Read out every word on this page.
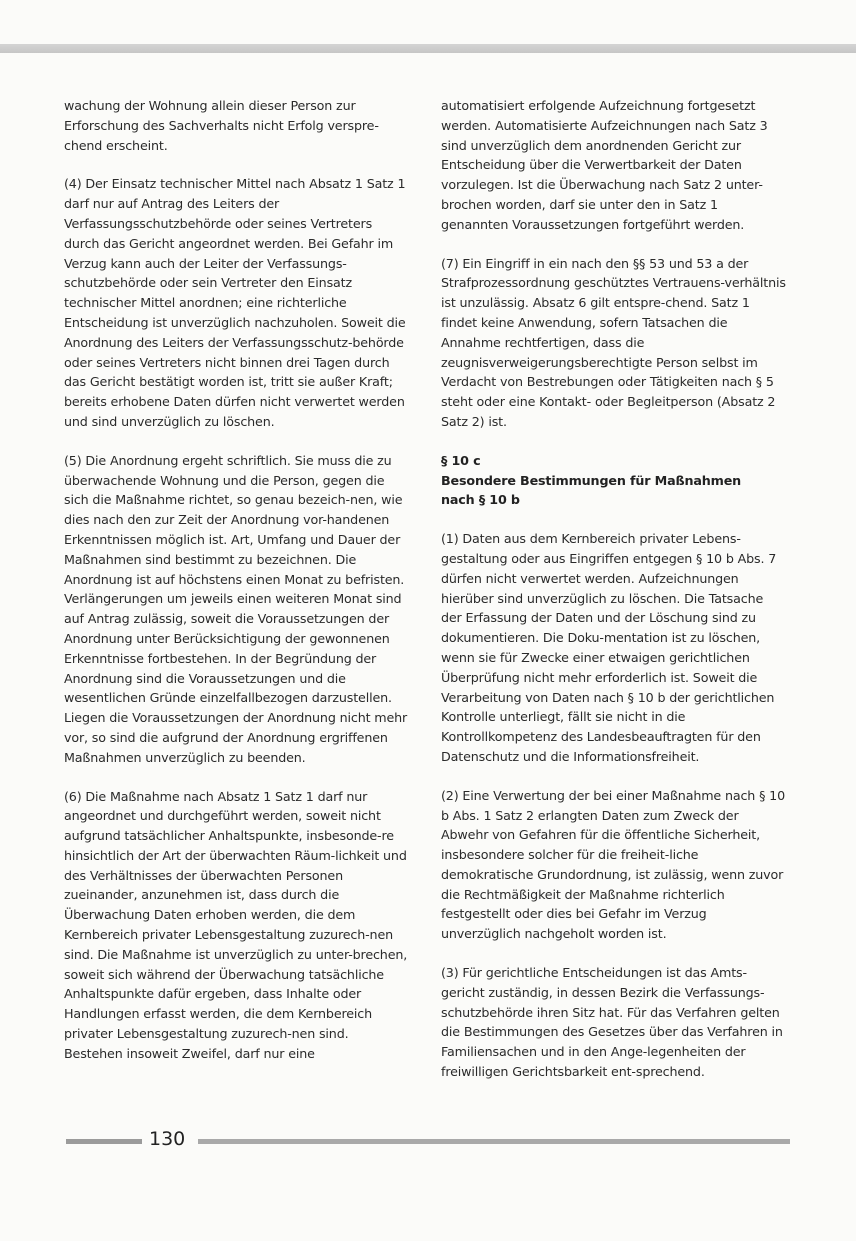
wachung der Wohnung allein dieser Person zur Erforschung des Sachverhalts nicht Erfolg verspre-chend erscheint.

(4) Der Einsatz technischer Mittel nach Absatz 1 Satz 1 darf nur auf Antrag des Leiters der Verfassungsschutzbehörde oder seines Vertreters durch das Gericht angeordnet werden. Bei Gefahr im Verzug kann auch der Leiter der Verfassungs-schutzbehörde oder sein Vertreter den Einsatz technischer Mittel anordnen; eine richterliche Entscheidung ist unverzüglich nachzuholen. Soweit die Anordnung des Leiters der Verfassungsschutz-behörde oder seines Vertreters nicht binnen drei Tagen durch das Gericht bestätigt worden ist, tritt sie außer Kraft; bereits erhobene Daten dürfen nicht verwertet werden und sind unverzüglich zu löschen.

(5) Die Anordnung ergeht schriftlich. Sie muss die zu überwachende Wohnung und die Person, gegen die sich die Maßnahme richtet, so genau bezeich-nen, wie dies nach den zur Zeit der Anordnung vor-handenen Erkenntnissen möglich ist. Art, Umfang und Dauer der Maßnahmen sind bestimmt zu bezeichnen. Die Anordnung ist auf höchstens einen Monat zu befristen. Verlängerungen um jeweils einen weiteren Monat sind auf Antrag zulässig, soweit die Voraussetzungen der Anordnung unter Berücksichtigung der gewonnenen Erkenntnisse fortbestehen. In der Begründung der Anordnung sind die Voraussetzungen und die wesentlichen Gründe einzelfallbezogen darzustellen. Liegen die Voraussetzungen der Anordnung nicht mehr vor, so sind die aufgrund der Anordnung ergriffenen Maßnahmen unverzüglich zu beenden.

(6) Die Maßnahme nach Absatz 1 Satz 1 darf nur angeordnet und durchgeführt werden, soweit nicht aufgrund tatsächlicher Anhaltspunkte, insbesonde-re hinsichtlich der Art der überwachten Räum-lichkeit und des Verhältnisses der überwachten Personen zueinander, anzunehmen ist, dass durch die Überwachung Daten erhoben werden, die dem Kernbereich privater Lebensgestaltung zuzurech-nen sind. Die Maßnahme ist unverzüglich zu unter-brechen, soweit sich während der Überwachung tatsächliche Anhaltspunkte dafür ergeben, dass Inhalte oder Handlungen erfasst werden, die dem Kernbereich privater Lebensgestaltung zuzurech-nen sind. Bestehen insoweit Zweifel, darf nur eine

automatisiert erfolgende Aufzeichnung fortgesetzt werden. Automatisierte Aufzeichnungen nach Satz 3 sind unverzüglich dem anordnenden Gericht zur Entscheidung über die Verwertbarkeit der Daten vorzulegen. Ist die Überwachung nach Satz 2 unter-brochen worden, darf sie unter den in Satz 1 genannten Voraussetzungen fortgeführt werden.

(7) Ein Eingriff in ein nach den §§ 53 und 53 a der Strafprozessordnung geschütztes Vertrauens-verhältnis ist unzulässig. Absatz 6 gilt entspre-chend. Satz 1 findet keine Anwendung, sofern Tatsachen die Annahme rechtfertigen, dass die zeugnisverweigerungsberechtigte Person selbst im Verdacht von Bestrebungen oder Tätigkeiten nach § 5 steht oder eine Kontakt- oder Begleitperson (Absatz 2 Satz 2) ist.

§ 10 c
Besondere Bestimmungen für Maßnahmen
nach § 10 b

(1) Daten aus dem Kernbereich privater Lebens-gestaltung oder aus Eingriffen entgegen § 10 b Abs. 7 dürfen nicht verwertet werden. Aufzeichnungen hierüber sind unverzüglich zu löschen. Die Tatsache der Erfassung der Daten und der Löschung sind zu dokumentieren. Die Doku-mentation ist zu löschen, wenn sie für Zwecke einer etwaigen gerichtlichen Überprüfung nicht mehr erforderlich ist. Soweit die Verarbeitung von Daten nach § 10 b der gerichtlichen Kontrolle unterliegt, fällt sie nicht in die Kontrollkompetenz des Landesbeauftragten für den Datenschutz und die Informationsfreiheit.

(2) Eine Verwertung der bei einer Maßnahme nach § 10 b Abs. 1 Satz 2 erlangten Daten zum Zweck der Abwehr von Gefahren für die öffentliche Sicherheit, insbesondere solcher für die freiheit-liche demokratische Grundordnung, ist zulässig, wenn zuvor die Rechtmäßigkeit der Maßnahme richterlich festgestellt oder dies bei Gefahr im Verzug unverzüglich nachgeholt worden ist.

(3) Für gerichtliche Entscheidungen ist das Amts-gericht zuständig, in dessen Bezirk die Verfassungs-schutzbehörde ihren Sitz hat. Für das Verfahren gelten die Bestimmungen des Gesetzes über das Verfahren in Familiensachen und in den Ange-legenheiten der freiwilligen Gerichtsbarkeit ent-sprechend.

130
